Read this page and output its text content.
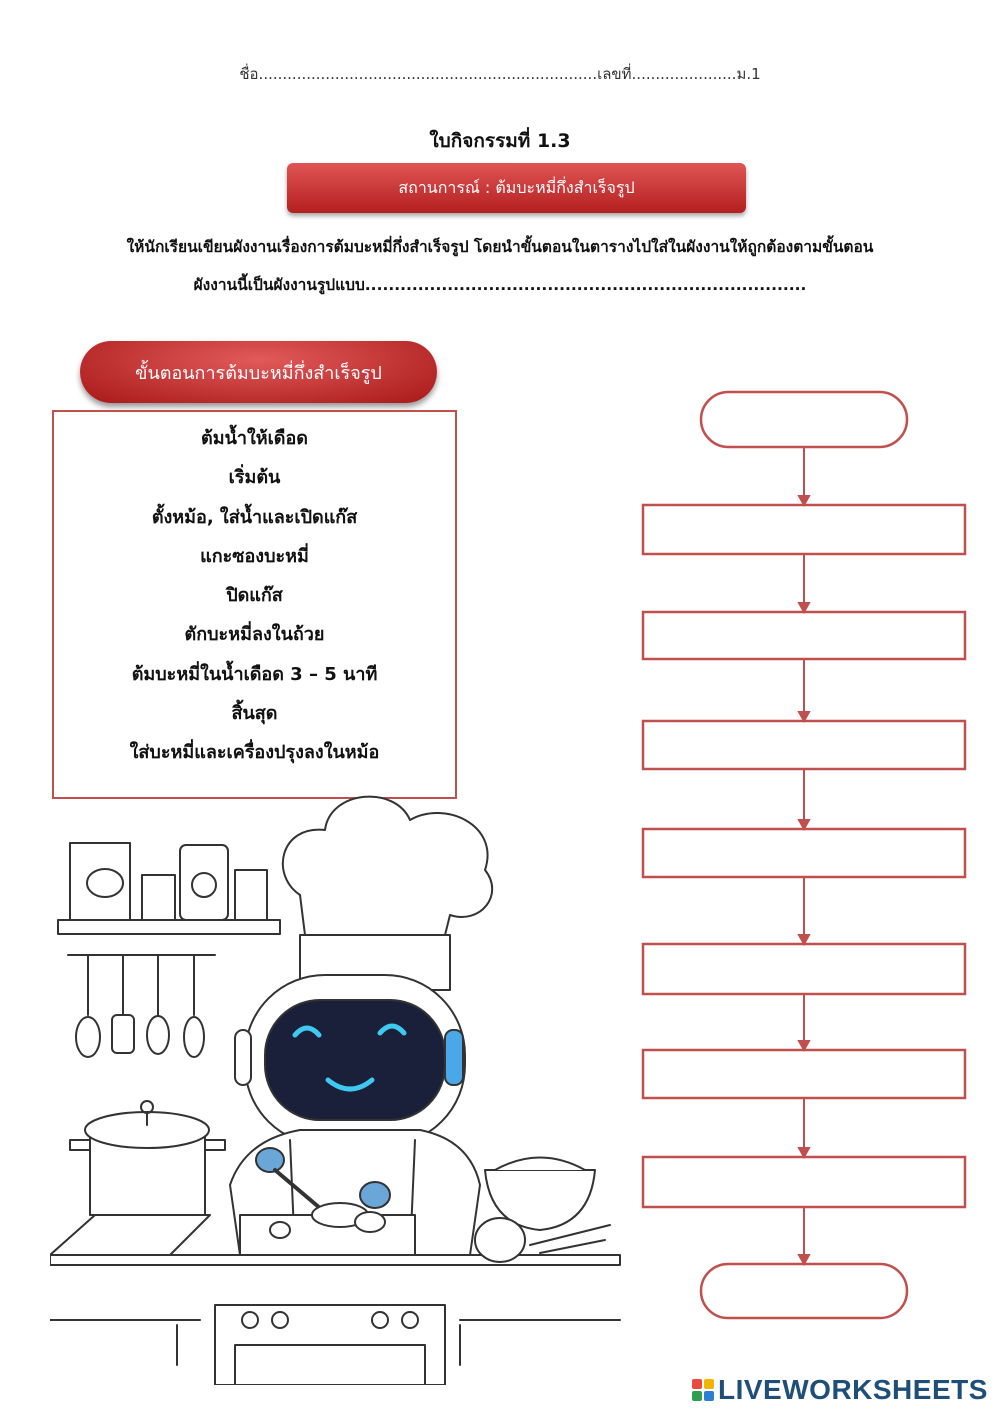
ชื่อ.......................................................................เลขที่......................ม.1
ใบกิจกรรมที่ 1.3
สถานการณ์ : ต้มบะหมี่กึ่งสำเร็จรูป
ให้นักเรียนเขียนผังงานเรื่องการต้มบะหมี่กึ่งสำเร็จรูป โดยนำขั้นตอนในตารางไปใส่ในผังงานให้ถูกต้องตามขั้นตอน
ผังงานนี้เป็นผังงานรูปแบบ...........................................................................
ขั้นตอนการต้มบะหมี่กึ่งสำเร็จรูป
ต้มน้ำให้เดือด
เริ่มต้น
ตั้งหม้อ, ใส่น้ำและเปิดแก๊ส
แกะซองบะหมี่
ปิดแก๊ส
ตักบะหมี่ลงในถ้วย
ต้มบะหมี่ในน้ำเดือด 3 – 5 นาที
สิ้นสุด
ใส่บะหมี่และเครื่องปรุงลงในหม้อ
LIVEWORKSHEETS
